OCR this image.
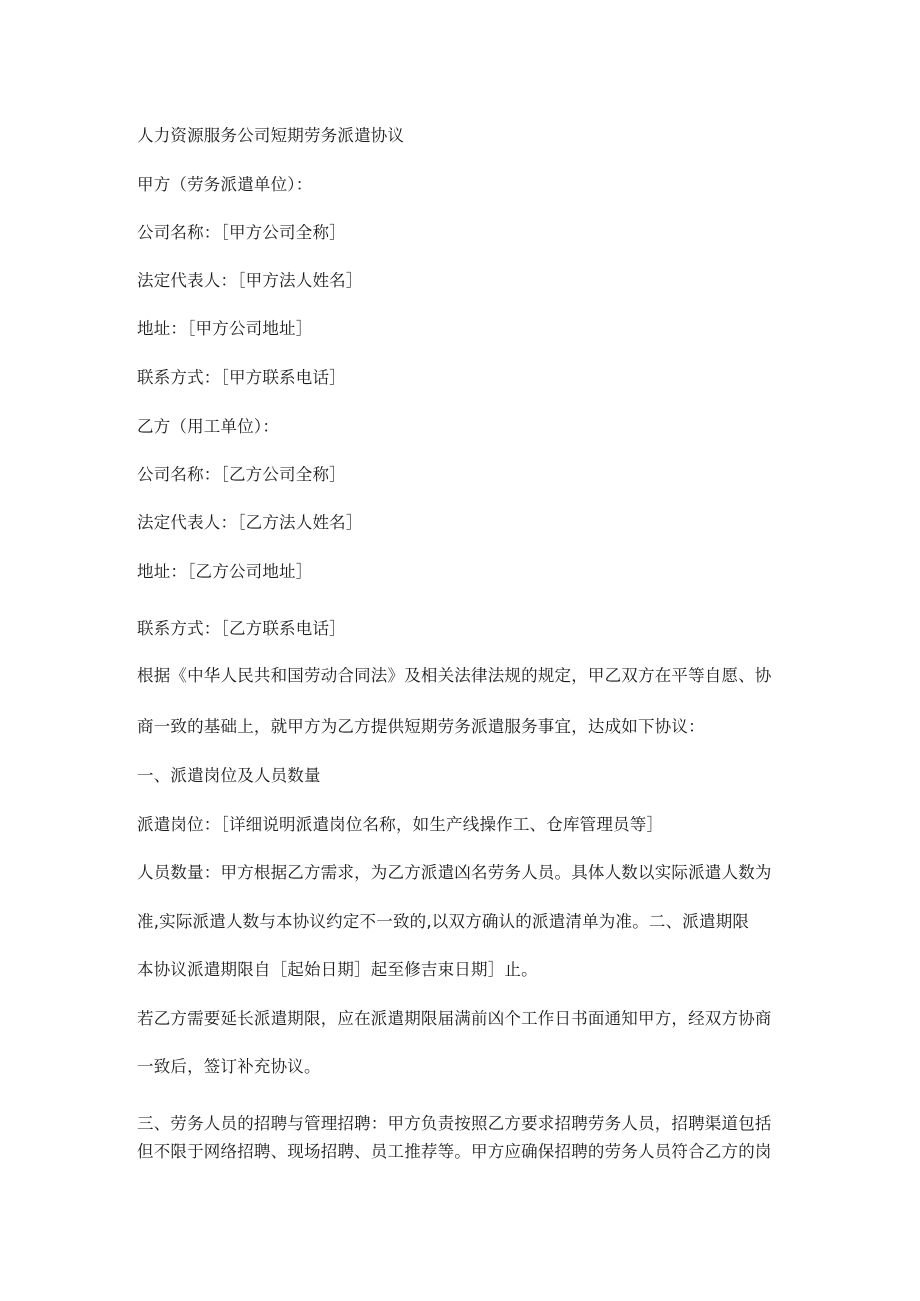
人力资源服务公司短期劳务派遣协议
甲方（劳务派遣单位）：
公司名称：［甲方公司全称］
法定代表人：［甲方法人姓名］
地址：［甲方公司地址］
联系方式：［甲方联系电话］
乙方（用工单位）：
公司名称：［乙方公司全称］
法定代表人：［乙方法人姓名］
地址：［乙方公司地址］
联系方式：［乙方联系电话］
根据《中华人民共和国劳动合同法》及相关法律法规的规定，甲乙双方在平等自愿、协
商一致的基础上，就甲方为乙方提供短期劳务派遣服务事宜，达成如下协议：
一、派遣岗位及人员数量
派遣岗位：［详细说明派遣岗位名称，如生产线操作工、仓库管理员等］
人员数量：甲方根据乙方需求，为乙方派遣凶名劳务人员。具体人数以实际派遣人数为
准,实际派遣人数与本协议约定不一致的,以双方确认的派遣清单为准。二、派遣期限
本协议派遣期限自［起始日期］起至修吉束日期］止。
若乙方需要延长派遣期限，应在派遣期限届满前凶个工作日书面通知甲方，经双方协商
一致后，签订补充协议。
三、劳务人员的招聘与管理招聘：甲方负责按照乙方要求招聘劳务人员，招聘渠道包括
但不限于网络招聘、现场招聘、员工推荐等。甲方应确保招聘的劳务人员符合乙方的岗
